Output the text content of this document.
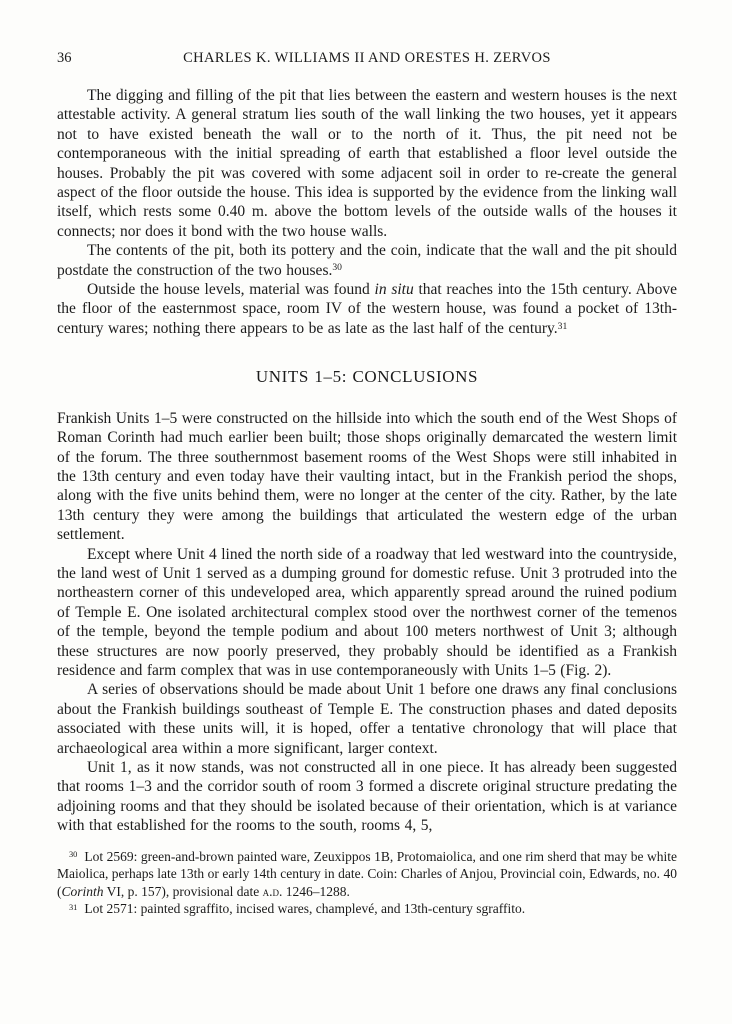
36	CHARLES K. WILLIAMS II AND ORESTES H. ZERVOS

The digging and filling of the pit that lies between the eastern and western houses is the next attestable activity. A general stratum lies south of the wall linking the two houses, yet it appears not to have existed beneath the wall or to the north of it. Thus, the pit need not be contemporaneous with the initial spreading of earth that established a floor level outside the houses. Probably the pit was covered with some adjacent soil in order to re-create the general aspect of the floor outside the house. This idea is supported by the evidence from the linking wall itself, which rests some 0.40 m. above the bottom levels of the outside walls of the houses it connects; nor does it bond with the two house walls.

The contents of the pit, both its pottery and the coin, indicate that the wall and the pit should postdate the construction of the two houses.$^{30}$

Outside the house levels, material was found in situ that reaches into the 15th century. Above the floor of the easternmost space, room IV of the western house, was found a pocket of 13th-century wares; nothing there appears to be as late as the last half of the century.$^{31}$

UNITS 1–5: CONCLUSIONS

Frankish Units 1–5 were constructed on the hillside into which the south end of the West Shops of Roman Corinth had much earlier been built; those shops originally demarcated the western limit of the forum. The three southernmost basement rooms of the West Shops were still inhabited in the 13th century and even today have their vaulting intact, but in the Frankish period the shops, along with the five units behind them, were no longer at the center of the city. Rather, by the late 13th century they were among the buildings that articulated the western edge of the urban settlement.

Except where Unit 4 lined the north side of a roadway that led westward into the countryside, the land west of Unit 1 served as a dumping ground for domestic refuse. Unit 3 protruded into the northeastern corner of this undeveloped area, which apparently spread around the ruined podium of Temple E. One isolated architectural complex stood over the northwest corner of the temenos of the temple, beyond the temple podium and about 100 meters northwest of Unit 3; although these structures are now poorly preserved, they probably should be identified as a Frankish residence and farm complex that was in use contemporaneously with Units 1–5 (Fig. 2).

A series of observations should be made about Unit 1 before one draws any final conclusions about the Frankish buildings southeast of Temple E. The construction phases and dated deposits associated with these units will, it is hoped, offer a tentative chronology that will place that archaeological area within a more significant, larger context.

Unit 1, as it now stands, was not constructed all in one piece. It has already been suggested that rooms 1–3 and the corridor south of room 3 formed a discrete original structure predating the adjoining rooms and that they should be isolated because of their orientation, which is at variance with that established for the rooms to the south, rooms 4, 5,

$^{30}$ Lot 2569: green-and-brown painted ware, Zeuxippos 1B, Protomaiolica, and one rim sherd that may be white Maiolica, perhaps late 13th or early 14th century in date. Coin: Charles of Anjou, Provincial coin, Edwards, no. 40 (Corinth VI, p. 157), provisional date a.d. 1246–1288.

$^{31}$ Lot 2571: painted sgraffito, incised wares, champlevé, and 13th-century sgraffito.
